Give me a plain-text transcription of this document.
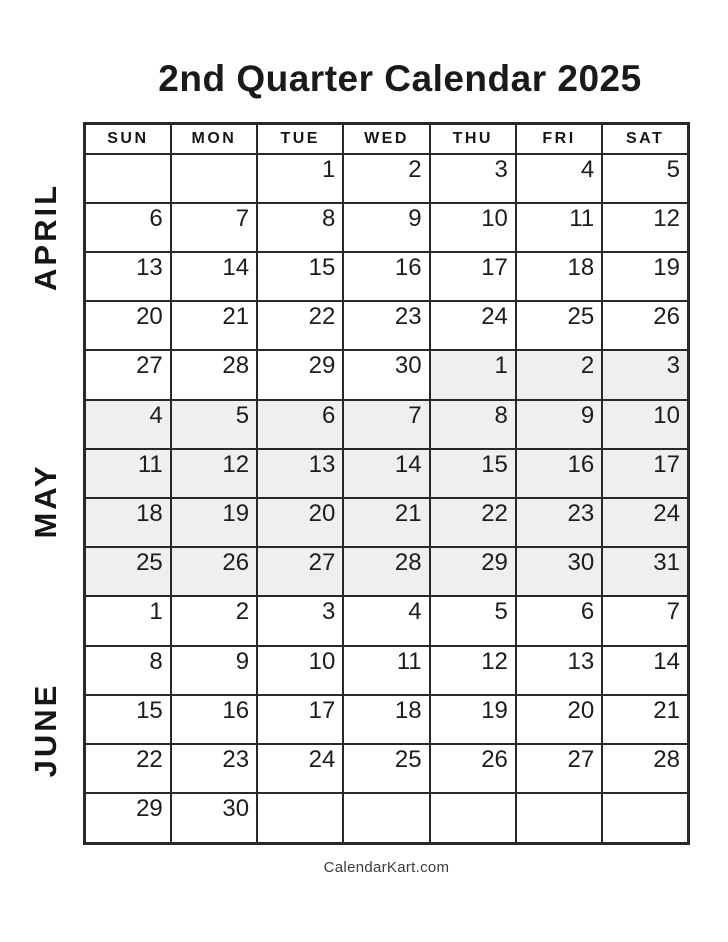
2nd Quarter Calendar 2025
APRIL
MAY
JUNE
SUN	MON	TUE	WED	THU	FRI	SAT
		1	2	3	4	5
6	7	8	9	10	11	12
13	14	15	16	17	18	19
20	21	22	23	24	25	26
27	28	29	30	1	2	3
4	5	6	7	8	9	10
11	12	13	14	15	16	17
18	19	20	21	22	23	24
25	26	27	28	29	30	31
1	2	3	4	5	6	7
8	9	10	11	12	13	14
15	16	17	18	19	20	21
22	23	24	25	26	27	28
29	30					
CalendarKart.com
